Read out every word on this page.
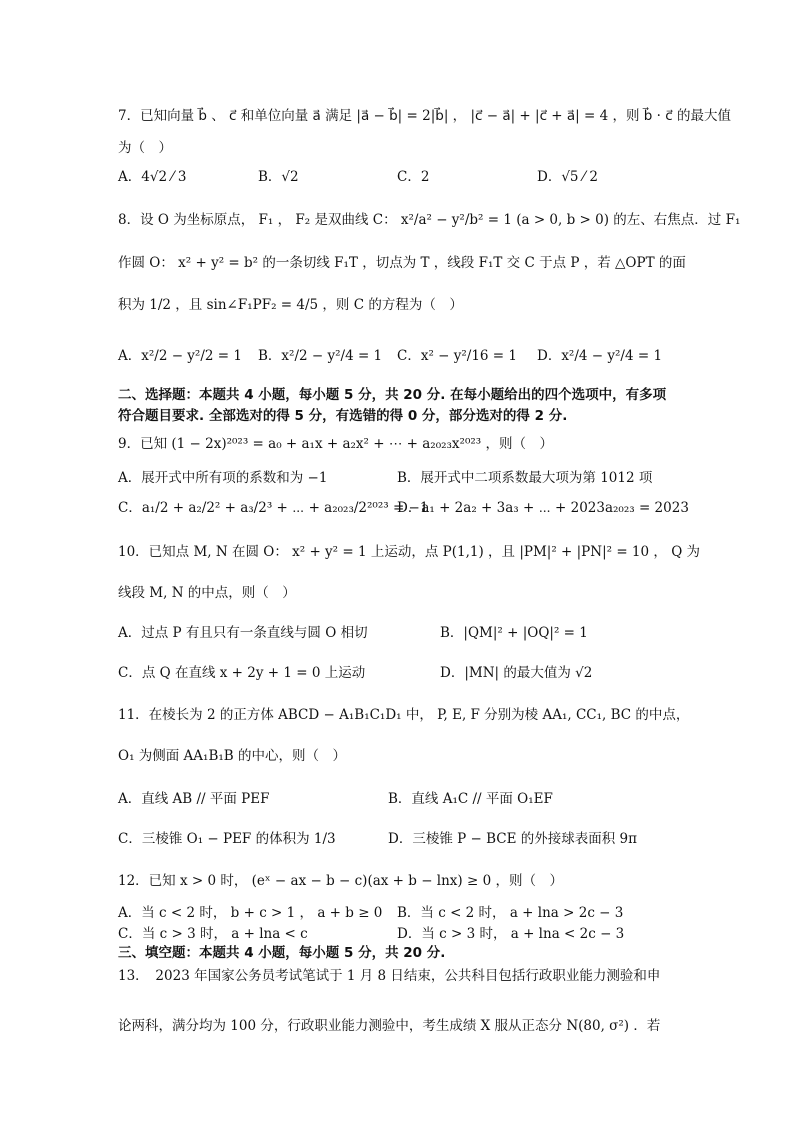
7．已知向量 b⃗ 、 c⃗ 和单位向量 a⃗ 满足 |a⃗ − b⃗| = 2|b⃗| ， |c⃗ − a⃗| + |c⃗ + a⃗| = 4 ，则 b⃗ · c⃗ 的最大值
为（　）
A．4√2 ⁄ 3	B．√2	C．2	D．√5 ⁄ 2
8．设 O 为坐标原点， F₁ ， F₂ 是双曲线 C： x²/a² − y²/b² = 1 (a > 0, b > 0) 的左、右焦点．过 F₁
作圆 O： x² + y² = b² 的一条切线 F₁T ，切点为 T ，线段 F₁T 交 C 于点 P ，若 △OPT 的面
积为 1/2 ，且 sin∠F₁PF₂ = 4/5 ，则 C 的方程为（　）
A．x²/2 − y²/2 = 1 B．x²/2 − y²/4 = 1 C．x² − y²/16 = 1 D．x²/4 − y²/4 = 1
二、选择题：本题共 4 小题，每小题 5 分，共 20 分. 在每小题给出的四个选项中，有多项
符合题目要求. 全部选对的得 5 分，有选错的得 0 分，部分选对的得 2 分.
9．已知 (1 − 2x)²⁰²³ = a₀ + a₁x + a₂x² + ⋯ + a₂₀₂₃x²⁰²³ ，则（　）
A．展开式中所有项的系数和为 −1	B．展开式中二项系数最大项为第 1012 项
C．a₁/2 + a₂/2² + a₃/2³ + ⋯ + a₂₀₂₃/2²⁰²³ = −1
D．a₁ + 2a₂ + 3a₃ + ⋯ + 2023a₂₀₂₃ = 2023
10．已知点 M, N 在圆 O： x² + y² = 1 上运动，点 P(1,1) ，且 |PM|² + |PN|² = 10 ， Q 为
线段 M, N 的中点，则（　）
A．过点 P 有且只有一条直线与圆 O 相切	B．|QM|² + |OQ|² = 1
C．点 Q 在直线 x + 2y + 1 = 0 上运动	D．|MN| 的最大值为 √2
11．在棱长为 2 的正方体 ABCD − A₁B₁C₁D₁ 中， P, E, F 分别为棱 AA₁, CC₁, BC 的中点，
O₁ 为侧面 AA₁B₁B 的中心，则（　）
A．直线 AB // 平面 PEF	B．直线 A₁C // 平面 O₁EF
C．三棱锥 O₁ − PEF 的体积为 1/3	D．三棱锥 P − BCE 的外接球表面积 9π
12．已知 x > 0 时， (eˣ − ax − b − c)(ax + b − lnx) ≥ 0 ，则（　）
A．当 c < 2 时， b + c > 1 ， a + b ≥ 0 B．当 c < 2 时， a + lna > 2c − 3
C．当 c > 3 时， a + lna < c	D．当 c > 3 时， a + lna < 2c − 3
三、填空题：本题共 4 小题，每小题 5 分，共 20 分.
13．　2023 年国家公务员考试笔试于 1 月 8 日结束，公共科目包括行政职业能力测验和申
论两科，满分均为 100 分，行政职业能力测验中，考生成绩 X 服从正态分 N(80, σ²) ．若
